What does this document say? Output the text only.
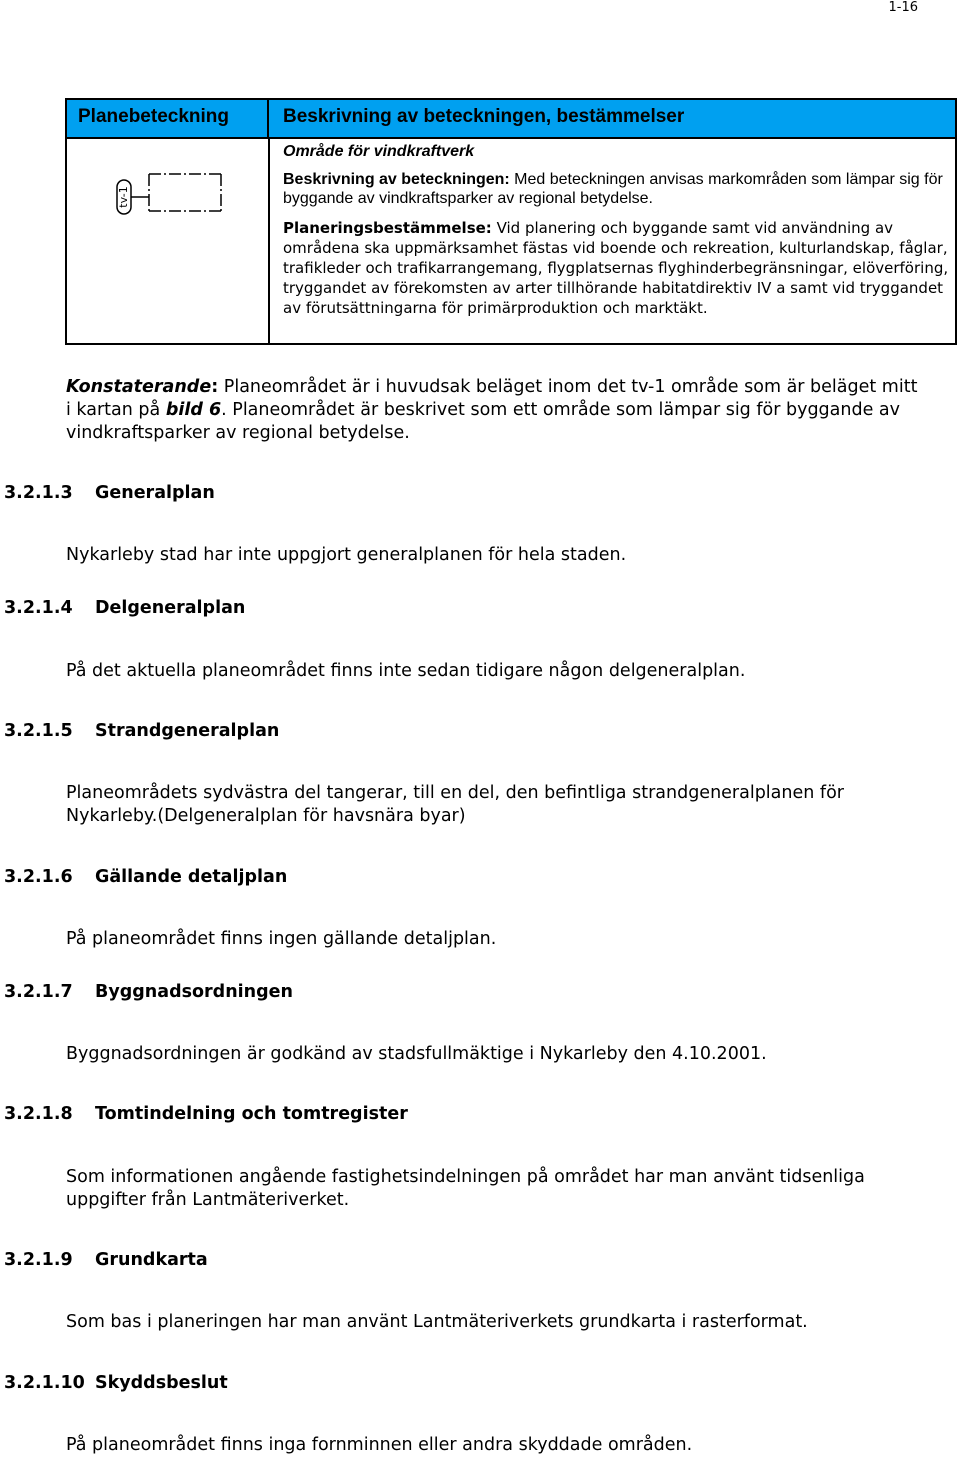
1-16
Planebeteckning	Beskrivning av beteckningen, bestämmelser
tv-1
Område för vindkraftverk
Beskrivning av beteckningen: Med beteckningen anvisas markområden som lämpar sig för byggande av vindkraftsparker av regional betydelse.
Planeringsbestämmelse: Vid planering och byggande samt vid användning av områdena ska uppmärksamhet fästas vid boende och rekreation, kulturlandskap, fåglar, trafikleder och trafikarrangemang, flygplatsernas flyghinderbegränsningar, elöverföring, tryggandet av förekomsten av arter tillhörande habitatdirektiv IV a samt vid tryggandet av förutsättningarna för primärproduktion och marktäkt.
Konstaterande: Planeområdet är i huvudsak beläget inom det tv-1 område som är beläget mitt i kartan på bild 6. Planeområdet är beskrivet som ett område som lämpar sig för byggande av vindkraftsparker av regional betydelse.
3.2.1.3 Generalplan
Nykarleby stad har inte uppgjort generalplanen för hela staden.
3.2.1.4 Delgeneralplan
På det aktuella planeområdet finns inte sedan tidigare någon delgeneralplan.
3.2.1.5 Strandgeneralplan
Planeområdets sydvästra del tangerar, till en del, den befintliga strandgeneralplanen för Nykarleby.(Delgeneralplan för havsnära byar)
3.2.1.6 Gällande detaljplan
På planeområdet finns ingen gällande detaljplan.
3.2.1.7 Byggnadsordningen
Byggnadsordningen är godkänd av stadsfullmäktige i Nykarleby den 4.10.2001.
3.2.1.8 Tomtindelning och tomtregister
Som informationen angående fastighetsindelningen på området har man använt tidsenliga uppgifter från Lantmäteriverket.
3.2.1.9 Grundkarta
Som bas i planeringen har man använt Lantmäteriverkets grundkarta i rasterformat.
3.2.1.10 Skyddsbeslut
På planeområdet finns inga fornminnen eller andra skyddade områden.
